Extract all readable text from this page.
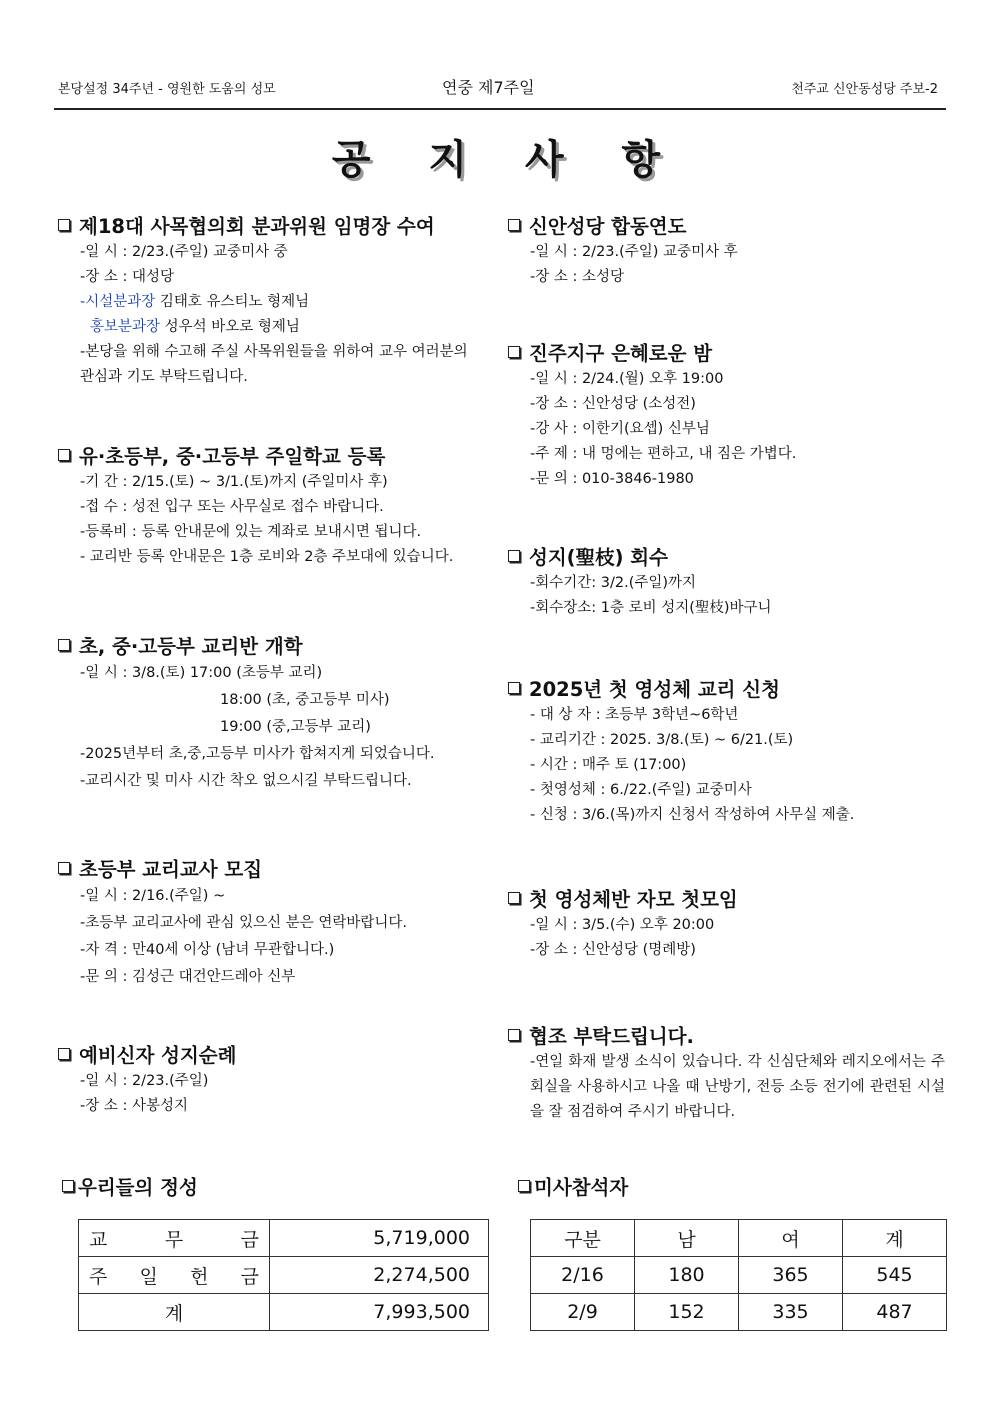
본당설정 34주년 - 영원한 도움의 성모	연중 제7주일	천주교 신안동성당 주보-2
공 지 사 항
제18대 사목협의회 분과위원 임명장 수여
-일 시 : 2/23.(주일) 교중미사 중
-장 소 : 대성당
-시설분과장 김태호 유스티노 형제님
홍보분과장 성우석 바오로 형제님
-본당을 위해 수고해 주실 사목위원들을 위하여 교우 여러분의 관심과 기도 부탁드립니다.
유·초등부, 중·고등부 주일학교 등록
-기 간 : 2/15.(토) ~ 3/1.(토)까지 (주일미사 후)
-접 수 : 성전 입구 또는 사무실로 접수 바랍니다.
-등록비 : 등록 안내문에 있는 계좌로 보내시면 됩니다.
- 교리반 등록 안내문은 1층 로비와 2층 주보대에 있습니다.
초, 중·고등부 교리반 개학
-일 시 : 3/8.(토) 17:00 (초등부 교리)
18:00 (초, 중고등부 미사)
19:00 (중,고등부 교리)
-2025년부터 초,중,고등부 미사가 합쳐지게 되었습니다.
-교리시간 및 미사 시간 착오 없으시길 부탁드립니다.
초등부 교리교사 모집
-일 시 : 2/16.(주일) ~
-초등부 교리교사에 관심 있으신 분은 연락바랍니다.
-자 격 : 만40세 이상 (남녀 무관합니다.)
-문 의 : 김성근 대건안드레아 신부
예비신자 성지순례
-일 시 : 2/23.(주일)
-장 소 : 사봉성지
신안성당 합동연도
-일 시 : 2/23.(주일) 교중미사 후
-장 소 : 소성당
진주지구 은혜로운 밤
-일 시 : 2/24.(월) 오후 19:00
-장 소 : 신안성당 (소성전)
-강 사 : 이한기(요셉) 신부님
-주 제 : 내 멍에는 편하고, 내 짐은 가볍다.
-문 의 : 010-3846-1980
성지(聖枝) 회수
-회수기간: 3/2.(주일)까지
-회수장소: 1층 로비 성지(聖枝)바구니
2025년 첫 영성체 교리 신청
- 대 상 자 : 초등부 3학년~6학년
- 교리기간 : 2025. 3/8.(토) ~ 6/21.(토)
- 시간 : 매주 토 (17:00)
- 첫영성체 : 6./22.(주일) 교중미사
- 신청 : 3/6.(목)까지 신청서 작성하여 사무실 제출.
첫 영성체반 자모 첫모임
-일 시 : 3/5.(수) 오후 20:00
-장 소 : 신안성당 (명례방)
협조 부탁드립니다.
-연일 화재 발생 소식이 있습니다. 각 신심단체와 레지오에서는 주회실을 사용하시고 나올 때 난방기, 전등 소등 전기에 관련된 시설을 잘 점검하여 주시기 바랍니다.
우리들의 정성
교 무 금	5,719,000

주 일 헌 금	2,274,500
계	7,993,500
미사참석자
구분	남	여	계
2/16	180	365	545
2/9	152	335	487
